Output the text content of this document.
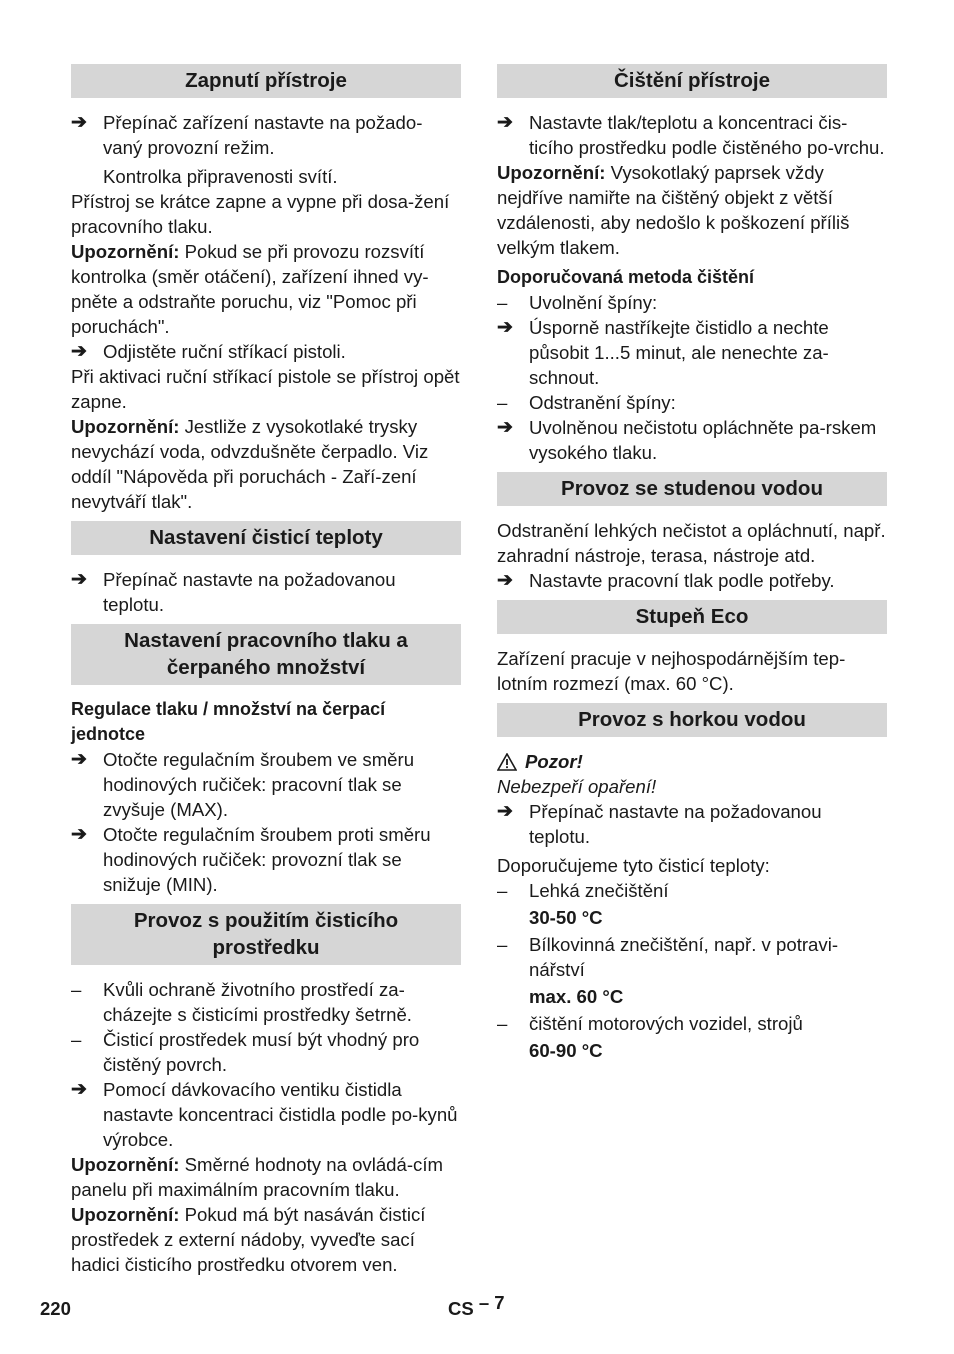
Zapnutí přístroje
➔ Přepínač zařízení nastavte na požado-vaný provozní režim.
Kontrolka připravenosti svítí.

Přístroj se krátce zapne a vypne při dosa-žení pracovního tlaku.

Upozornění: Pokud se při provozu rozsvítí kontrolka (směr otáčení), zařízení ihned vy-pněte a odstraňte poruchu, viz "Pomoc při poruchách".

➔ Odjistěte ruční stříkací pistoli.

Při aktivaci ruční stříkací pistole se přístroj opět zapne.

Upozornění: Jestliže z vysokotlaké trysky nevychází voda, odvzdušněte čerpadlo. Viz oddíl "Nápověda při poruchách - Zaří-zení nevytváří tlak".

Nastavení čisticí teploty
➔ Přepínač nastavte na požadovanou teplotu.
Nastavení pracovního tlaku a čerpaného množství

Regulace tlaku / množství na čerpací jednotce

➔ Otočte regulačním šroubem ve směru hodinových ručiček: pracovní tlak se zvyšuje (MAX).
➔ Otočte regulačním šroubem proti směru hodinových ručiček: provozní tlak se snižuje (MIN).
Provoz s použitím čisticího prostředku
–	Kvůli ochraně životního prostředí za-cházejte s čisticími prostředky šetrně.
–	Čisticí prostředek musí být vhodný pro čistěný povrch.
➔ Pomocí dávkovacího ventiku čistidla nastavte koncentraci čistidla podle po-kynů výrobce.

Upozornění: Směrné hodnoty na ovládá-cím panelu při maximálním pracovním tlaku.

Upozornění: Pokud má být nasáván čisticí prostředek z externí nádoby, vyveďte sací hadici čisticího prostředku otvorem ven.

Čištění přístroje
➔ Nastavte tlak/teplotu a koncentraci čis-ticího prostředku podle čistěného po-vrchu.

Upozornění: Vysokotlaký paprsek vždy nejdříve namiřte na čištěný objekt z větší vzdálenosti, aby nedošlo k poškození příliš velkým tlakem.

Doporučovaná metoda čištění

–	Uvolnění špíny:
➔ Úsporně nastříkejte čistidlo a nechte působit 1...5 minut, ale nenechte za-schnout.
–	Odstranění špíny:
➔ Uvolněnou nečistotu opláchněte pa-rskem vysokého tlaku.
Provoz se studenou vodou

Odstranění lehkých nečistot a opláchnutí, např. zahradní nástroje, terasa, nástroje atd.

➔ Nastavte pracovní tlak podle potřeby.
Stupeň Eco

Zařízení pracuje v nejhospodárnějším tep-lotním rozmezí (max. 60 °C).

Provoz s horkou vodou
Pozor!

Nebezpeří opaření!

➔ Přepínač nastavte na požadovanou teplotu.

Doporučujeme tyto čisticí teploty:

–	Lehká znečištění
30-50 °C
–	Bílkovinná znečištění, např. v potravi-nářství
max. 60 °C
–	čištění motorových vozidel, strojů
60-90 °C
220	CS – 7
